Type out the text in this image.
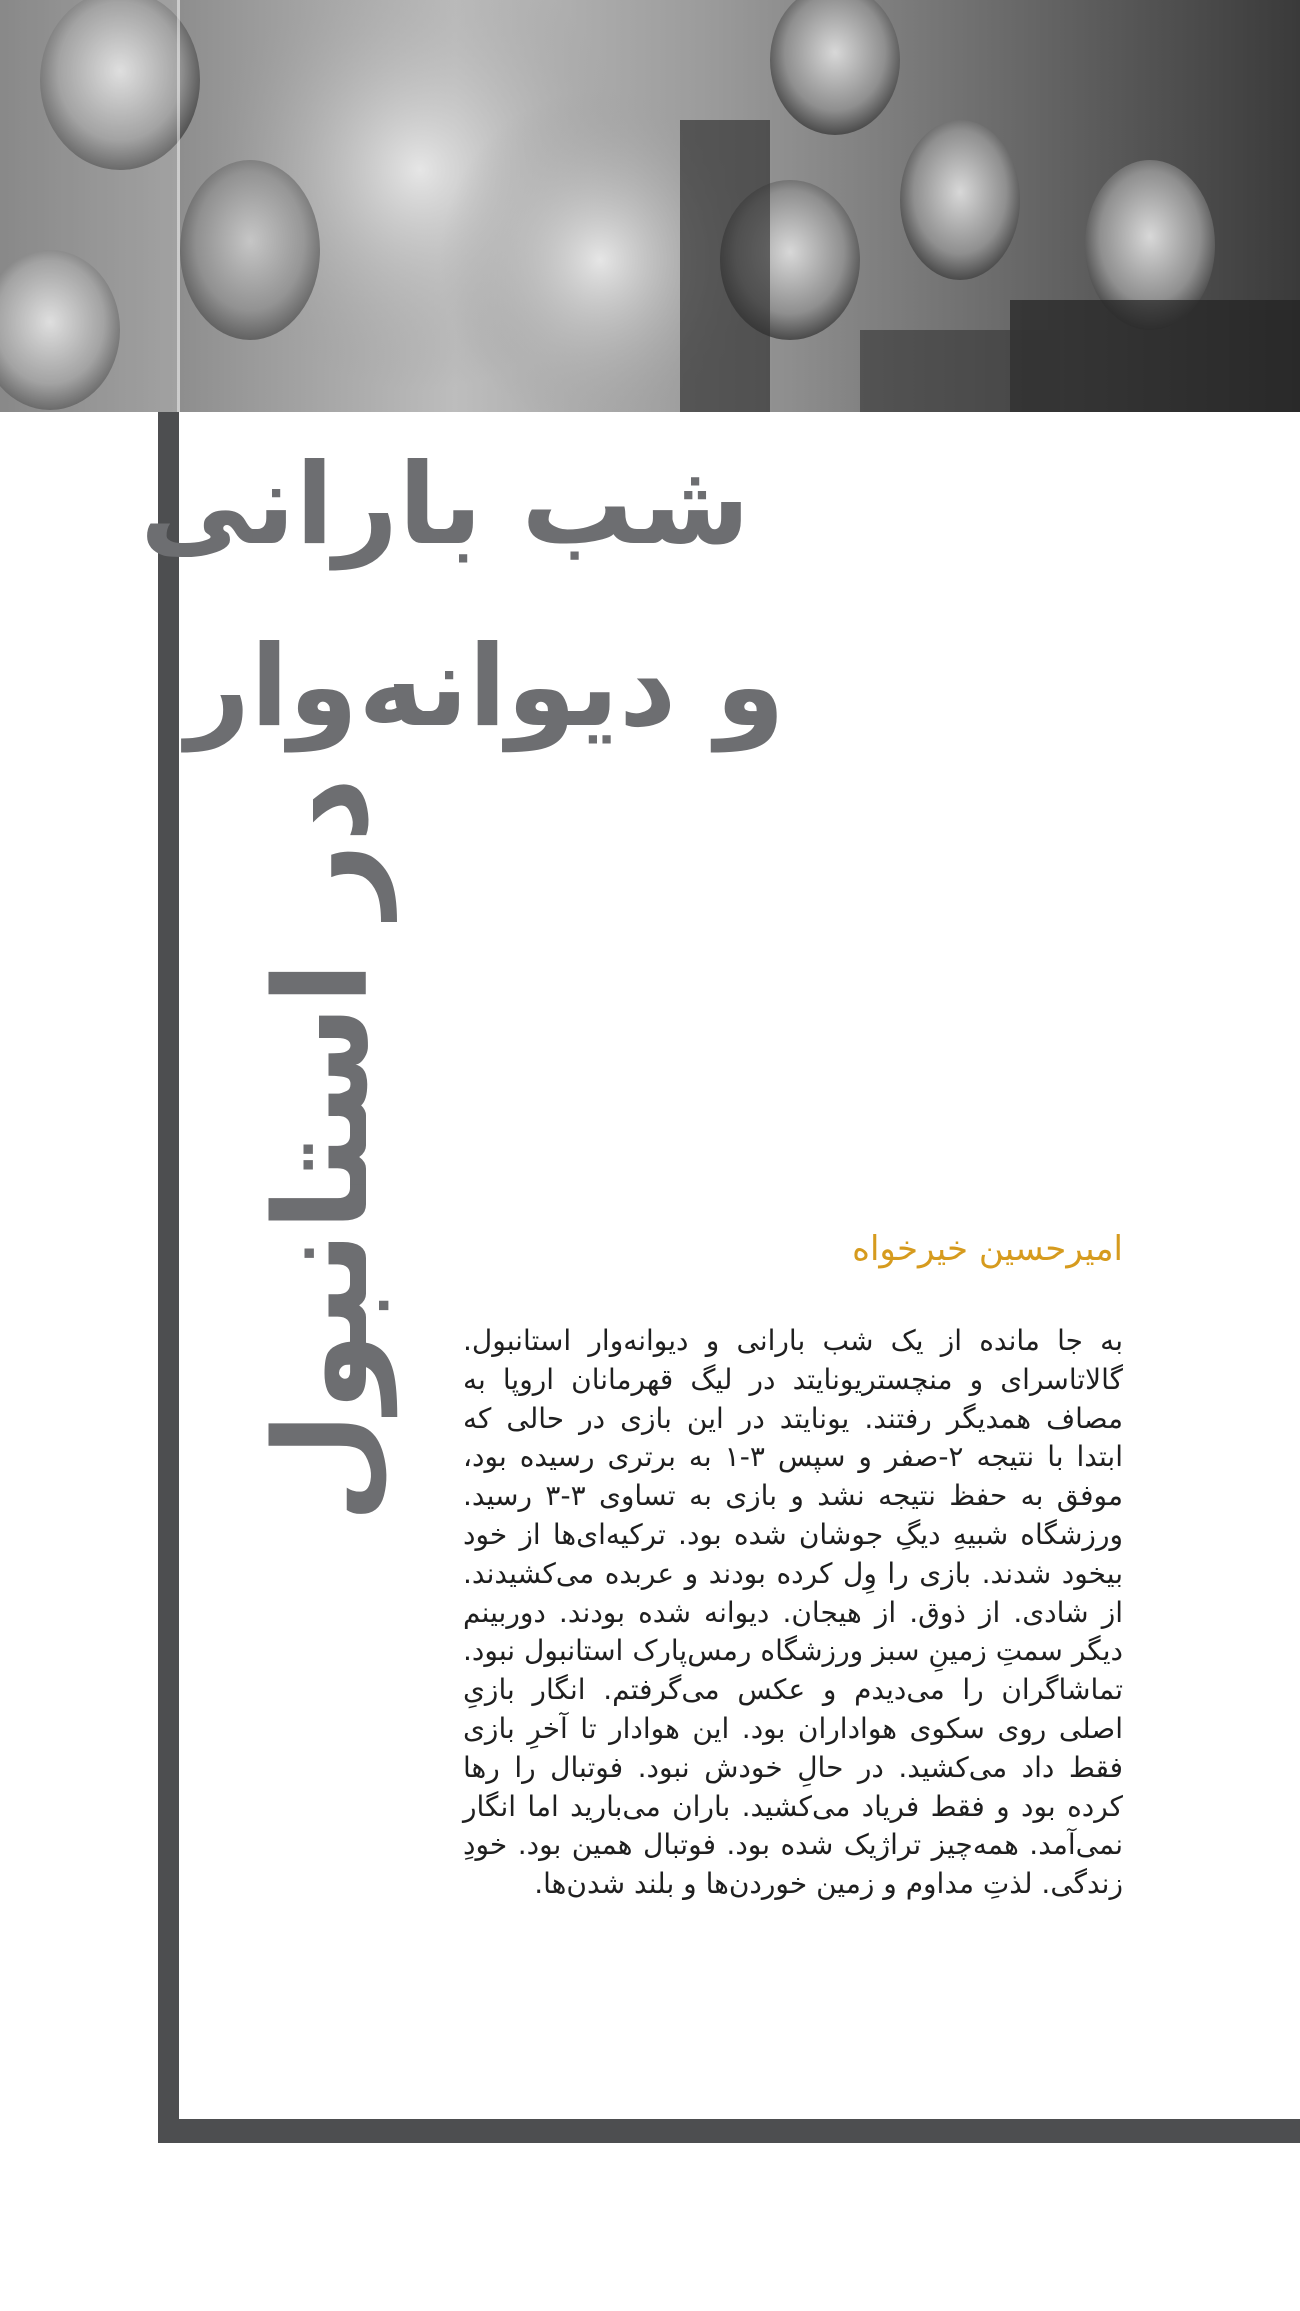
شب بارانی
و دیوانه‌وار
در استانبول	امیرحسین خیرخواه

به جا مانده از یک شب بارانی و دیوانه‌وار استانبول. گالاتاسرای و منچستریونایتد در لیگ قهرمانان اروپا به مصاف همدیگر رفتند. یونایتد در این بازی در حالی که ابتدا با نتیجه ۲-صفر و سپس ۳-۱ به برتری رسیده بود، موفق به حفظ نتیجه نشد و بازی به تساوی ۳-۳ رسید. ورزشگاه شبیهِ دیگِ جوشان شده بود. ترکیه‌ای‌ها از خود بیخود شدند. بازی را وِل کرده بودند و عربده می‌کشیدند. از شادی. از ذوق. از هیجان. دیوانه شده بودند. دوربینم دیگر سمتِ زمینِ سبز ورزشگاه رمس‌پارک استانبول نبود. تماشاگران را می‌دیدم و عکس می‌گرفتم. انگار بازیِ اصلی روی سکوی هواداران بود. این هوادار تا آخرِ بازی فقط داد می‌کشید. در حالِ خودش نبود. فوتبال را رها کرده بود و فقط فریاد می‌کشید. باران می‌بارید اما انگار نمی‌آمد. همه‌چیز تراژیک شده بود. فوتبال همین بود. خودِ زندگی. لذتِ مداوم و زمین خوردن‌ها و بلند شدن‌ها.
